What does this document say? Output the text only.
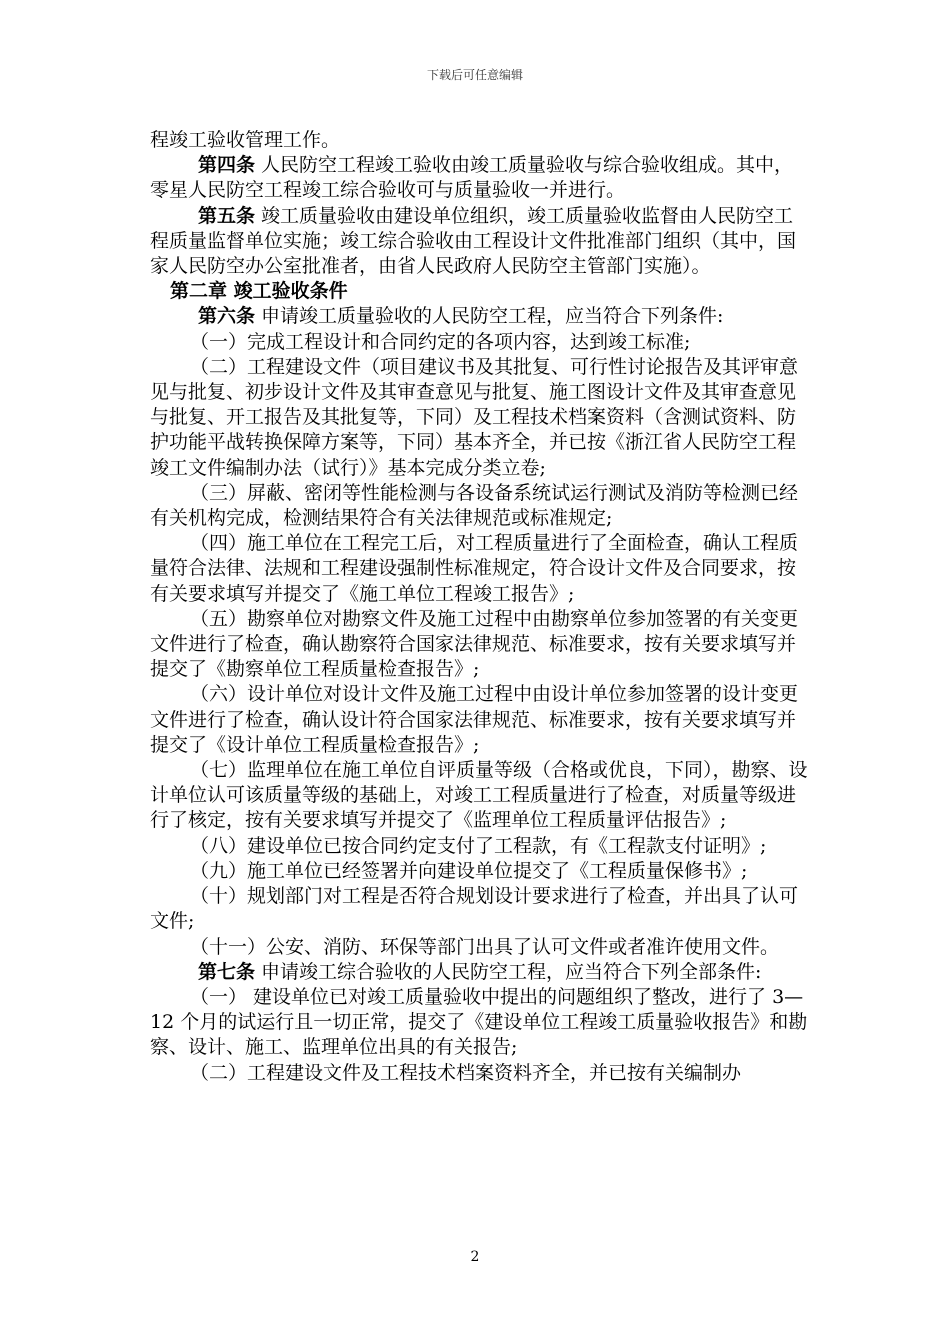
下载后可任意编辑

程竣工验收管理工作。

第四条 人民防空工程竣工验收由竣工质量验收与综合验收组成。其中，零星人民防空工程竣工综合验收可与质量验收一并进行。

第五条 竣工质量验收由建设单位组织，竣工质量验收监督由人民防空工程质量监督单位实施；竣工综合验收由工程设计文件批准部门组织（其中，国家人民防空办公室批准者，由省人民政府人民防空主管部门实施）。

第二章 竣工验收条件

第六条 申请竣工质量验收的人民防空工程，应当符合下列条件:

（一）完成工程设计和合同约定的各项内容，达到竣工标准;

（二）工程建设文件（项目建议书及其批复、可行性讨论报告及其评审意见与批复、初步设计文件及其审查意见与批复、施工图设计文件及其审查意见与批复、开工报告及其批复等，下同）及工程技术档案资料（含测试资料、防护功能平战转换保障方案等，下同）基本齐全，并已按《浙江省人民防空工程竣工文件编制办法（试行）》基本完成分类立卷;

（三）屏蔽、密闭等性能检测与各设备系统试运行测试及消防等检测已经有关机构完成，检测结果符合有关法律规范或标准规定;

（四）施工单位在工程完工后，对工程质量进行了全面检查，确认工程质量符合法律、法规和工程建设强制性标准规定，符合设计文件及合同要求，按有关要求填写并提交了《施工单位工程竣工报告》;

（五）勘察单位对勘察文件及施工过程中由勘察单位参加签署的有关变更文件进行了检查，确认勘察符合国家法律规范、标准要求，按有关要求填写并提交了《勘察单位工程质量检查报告》;

（六）设计单位对设计文件及施工过程中由设计单位参加签署的设计变更文件进行了检查，确认设计符合国家法律规范、标准要求，按有关要求填写并提交了《设计单位工程质量检查报告》;

（七）监理单位在施工单位自评质量等级（合格或优良，下同），勘察、设计单位认可该质量等级的基础上，对竣工工程质量进行了检查，对质量等级进行了核定，按有关要求填写并提交了《监理单位工程质量评估报告》;

（八）建设单位已按合同约定支付了工程款，有《工程款支付证明》;

（九）施工单位已经签署并向建设单位提交了《工程质量保修书》;

（十）规划部门对工程是否符合规划设计要求进行了检查，并出具了认可文件;

（十一）公安、消防、环保等部门出具了认可文件或者准许使用文件。

第七条 申请竣工综合验收的人民防空工程，应当符合下列全部条件:

（一） 建设单位已对竣工质量验收中提出的问题组织了整改，进行了 3—12 个月的试运行且一切正常，提交了《建设单位工程竣工质量验收报告》和勘察、设计、施工、监理单位出具的有关报告;

（二）工程建设文件及工程技术档案资料齐全，并已按有关编制办

2
